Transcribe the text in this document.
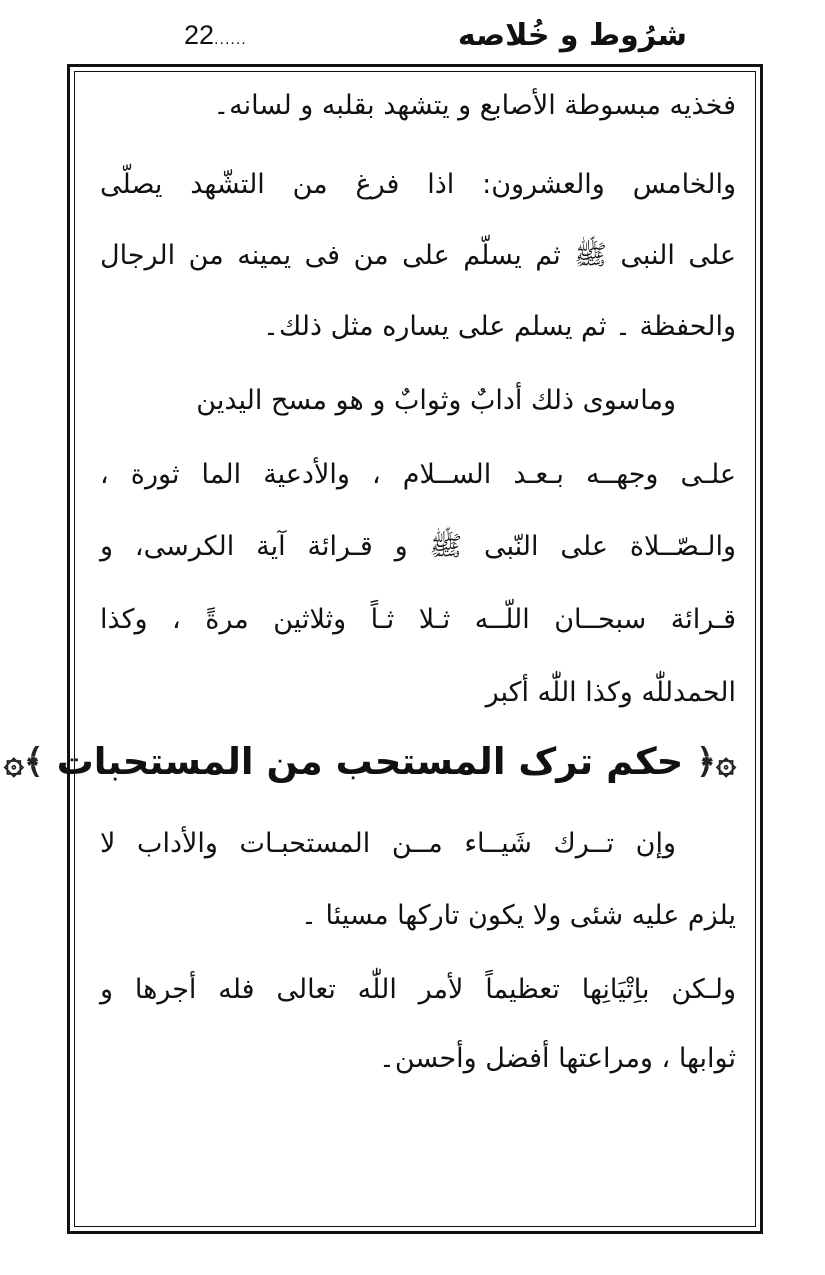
شرُوط و خُلاصه
22......
فخذيه مبسوطة الأصابع و يتشهد بقلبه و لسانه۔
والخامس والعشرون: اذا فرغ من التشّهد يصلّی
علی النبی ﷺ ثم یسلّم علی من فی یمینه من الرجال
والحفظة ۔ ثم یسلم علی یساره مثل ذلك۔
وماسوی ذلك أدابٌ وثوابٌ و هو مسح الیدین
علـی وجهــه بـعـد الســلام ، والأدعیة الما ثورة ،
والـصّــلاة علی النّبی ﷺ و قـرائة آیة الکرسی، و
قـرائة سبحــان اللّــه ثـلا ثـاً وثلاثین مرةً ، وکذا
الحمدللّٰه وکذا اللّٰه أکبر
۞﴿ حکم ترک المستحب من المستحبات ﴾۞
وإن تــرك شَیــاء مــن المستحبـات والأداب لا
یلزم علیه شئی ولا یکون تارکها مسیئا ۔
ولـکن باِتْیَانِها تعظیماً لأمر اللّٰه تعالی فله أجرها و
ثوابها ، ومراعتها أفضل وأحسن۔
